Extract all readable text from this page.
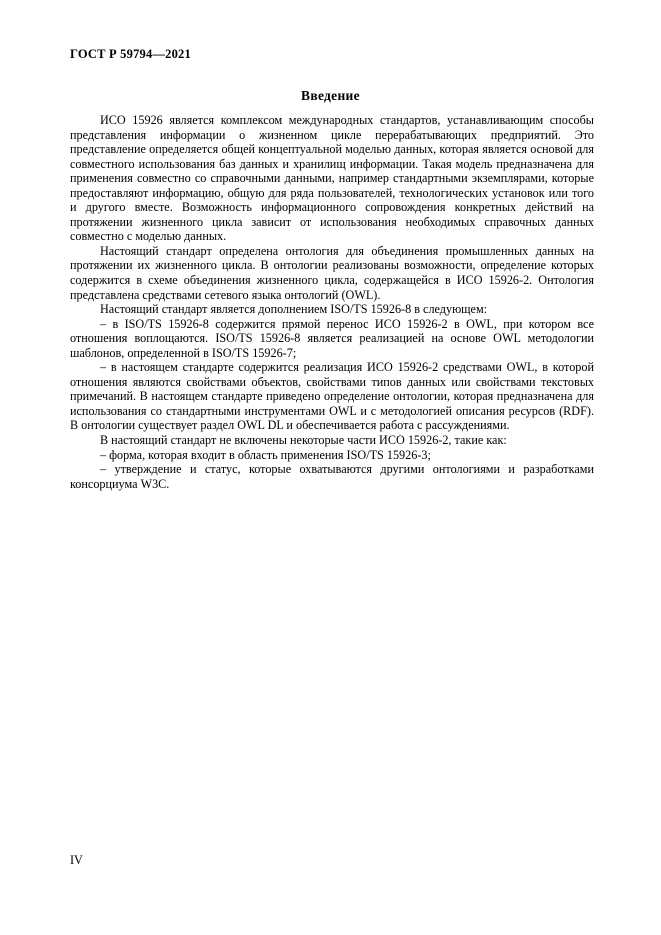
ГОСТ Р 59794—2021
Введение

ИСО 15926 является комплексом международных стандартов, устанавливающим способы представления информации о жизненном цикле перерабатывающих предприятий. Это представление определяется общей концептуальной моделью данных, которая является основой для совместного использования баз данных и хранилищ информации. Такая модель предназначена для применения совместно со справочными данными, например стандартными экземплярами, которые предоставляют информацию, общую для ряда пользователей, технологических установок или того и другого вместе. Возможность информационного сопровождения конкретных действий на протяжении жизненного цикла зависит от использования необходимых справочных данных совместно с моделью данных.

Настоящий стандарт определена онтология для объединения промышленных данных на протяжении их жизненного цикла. В онтологии реализованы возможности, определение которых содержится в схеме объединения жизненного цикла, содержащейся в ИСО 15926-2. Онтология представлена средствами сетевого языка онтологий (OWL).

Настоящий стандарт является дополнением ISO/TS 15926-8 в следующем:

– в ISO/TS 15926-8 содержится прямой перенос ИСО 15926-2 в OWL, при котором все отношения воплощаются. ISO/TS 15926-8 является реализацией на основе OWL методологии шаблонов, определенной в ISO/TS 15926-7;

– в настоящем стандарте содержится реализация ИСО 15926-2 средствами OWL, в которой отношения являются свойствами объектов, свойствами типов данных или свойствами текстовых примечаний. В настоящем стандарте приведено определение онтологии, которая предназначена для использования со стандартными инструментами OWL и с методологией описания ресурсов (RDF). В онтологии существует раздел OWL DL и обеспечивается работа с рассуждениями.

В настоящий стандарт не включены некоторые части ИСО 15926-2, такие как:

– форма, которая входит в область применения ISO/TS 15926-3;

– утверждение и статус, которые охватываются другими онтологиями и разработками консорциума W3C.

IV
